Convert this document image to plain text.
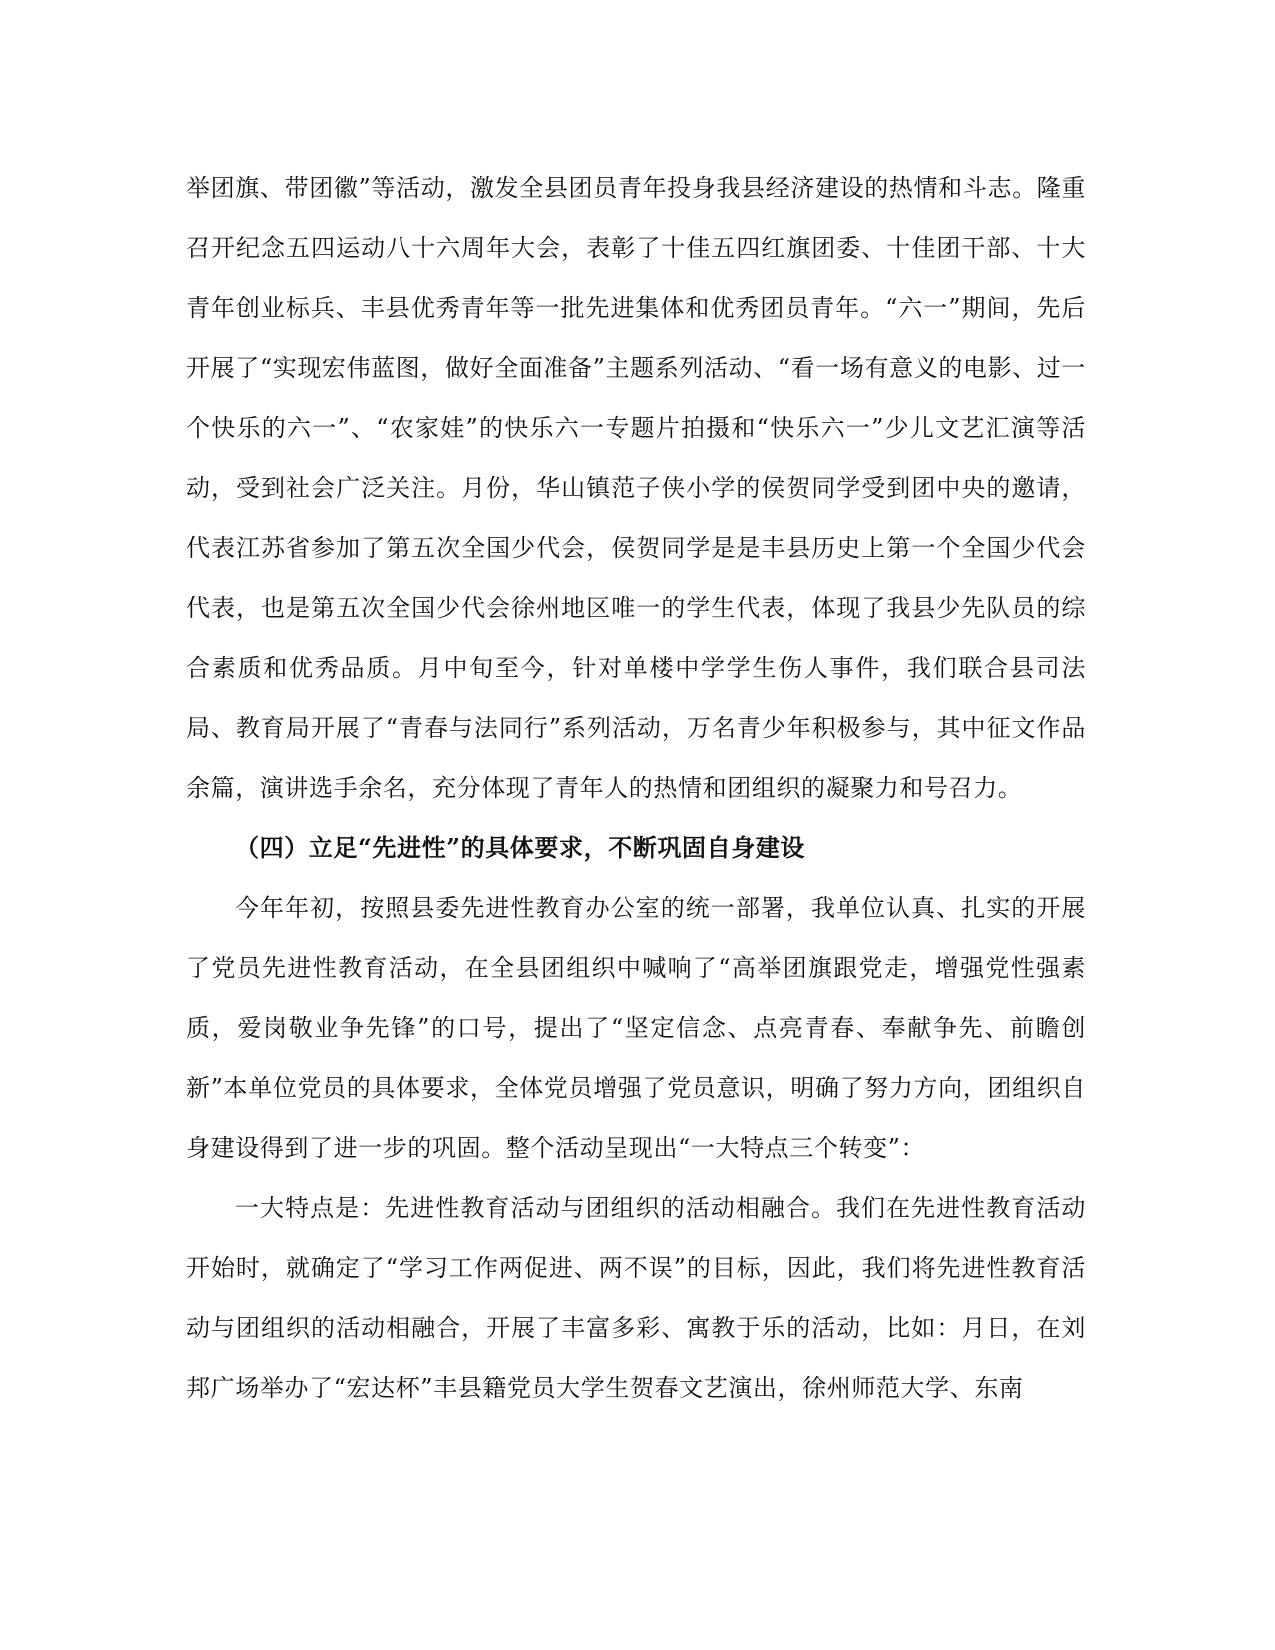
举团旗、带团徽”等活动，激发全县团员青年投身我县经济建设的热情和斗志。隆重召开纪念五四运动八十六周年大会，表彰了十佳五四红旗团委、十佳团干部、十大青年创业标兵、丰县优秀青年等一批先进集体和优秀团员青年。“六一”期间，先后开展了“实现宏伟蓝图，做好全面准备”主题系列活动、“看一场有意义的电影、过一个快乐的六一”、“农家娃”的快乐六一专题片拍摄和“快乐六一”少儿文艺汇演等活动，受到社会广泛关注。月份，华山镇范子侠小学的侯贺同学受到团中央的邀请，代表江苏省参加了第五次全国少代会，侯贺同学是是丰县历史上第一个全国少代会代表，也是第五次全国少代会徐州地区唯一的学生代表，体现了我县少先队员的综合素质和优秀品质。月中旬至今，针对单楼中学学生伤人事件，我们联合县司法局、教育局开展了“青春与法同行”系列活动，万名青少年积极参与，其中征文作品余篇，演讲选手余名，充分体现了青年人的热情和团组织的凝聚力和号召力。

（四）立足“先进性”的具体要求，不断巩固自身建设

今年年初，按照县委先进性教育办公室的统一部署，我单位认真、扎实的开展了党员先进性教育活动，在全县团组织中喊响了“高举团旗跟党走，增强党性强素质，爱岗敬业争先锋”的口号，提出了“坚定信念、点亮青春、奉献争先、前瞻创新”本单位党员的具体要求，全体党员增强了党员意识，明确了努力方向，团组织自身建设得到了进一步的巩固。整个活动呈现出“一大特点三个转变”：

一大特点是：先进性教育活动与团组织的活动相融合。我们在先进性教育活动开始时，就确定了“学习工作两促进、两不误”的目标，因此，我们将先进性教育活动与团组织的活动相融合，开展了丰富多彩、寓教于乐的活动，比如：月日，在刘邦广场举办了“宏达杯”丰县籍党员大学生贺春文艺演出，徐州师范大学、东南
